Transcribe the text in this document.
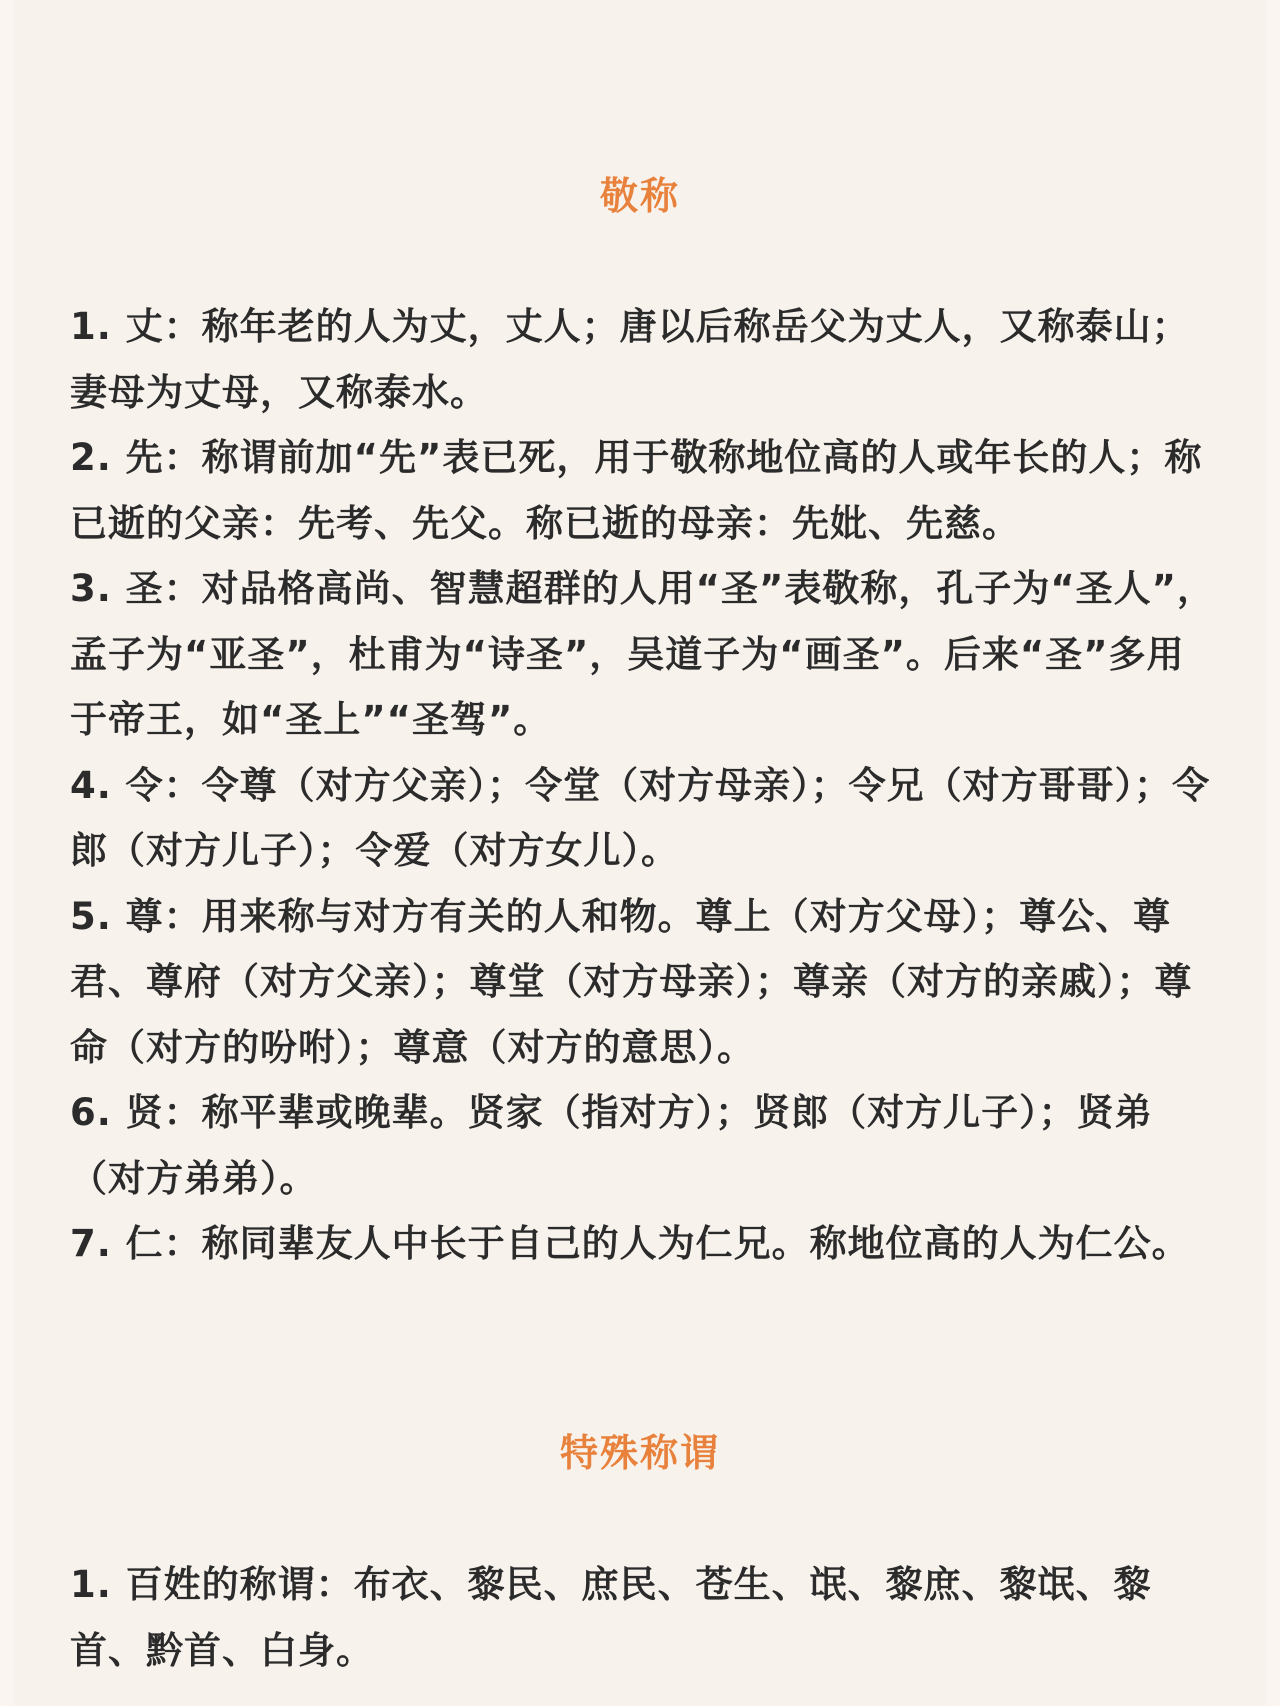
敬称
1. 丈：称年老的人为丈，丈人；唐以后称岳父为丈人，又称泰山；妻母为丈母，又称泰水。
2. 先：称谓前加“先”表已死，用于敬称地位高的人或年长的人；称已逝的父亲：先考、先父。称已逝的母亲：先妣、先慈。
3. 圣：对品格高尚、智慧超群的人用“圣”表敬称，孔子为“圣人”，孟子为“亚圣”，杜甫为“诗圣”，吴道子为“画圣”。后来“圣”多用于帝王，如“圣上”“圣驾”。
4. 令：令尊（对方父亲）；令堂（对方母亲）；令兄（对方哥哥）；令郎（对方儿子）；令爱（对方女儿）。
5. 尊：用来称与对方有关的人和物。尊上（对方父母）；尊公、尊君、尊府（对方父亲）；尊堂（对方母亲）；尊亲（对方的亲戚）；尊命（对方的吩咐）；尊意（对方的意思）。
6. 贤：称平辈或晚辈。贤家（指对方）；贤郎（对方儿子）；贤弟（对方弟弟）。
7. 仁：称同辈友人中长于自己的人为仁兄。称地位高的人为仁公。
特殊称谓
1. 百姓的称谓：布衣、黎民、庶民、苍生、氓、黎庶、黎氓、黎首、黔首、白身。
